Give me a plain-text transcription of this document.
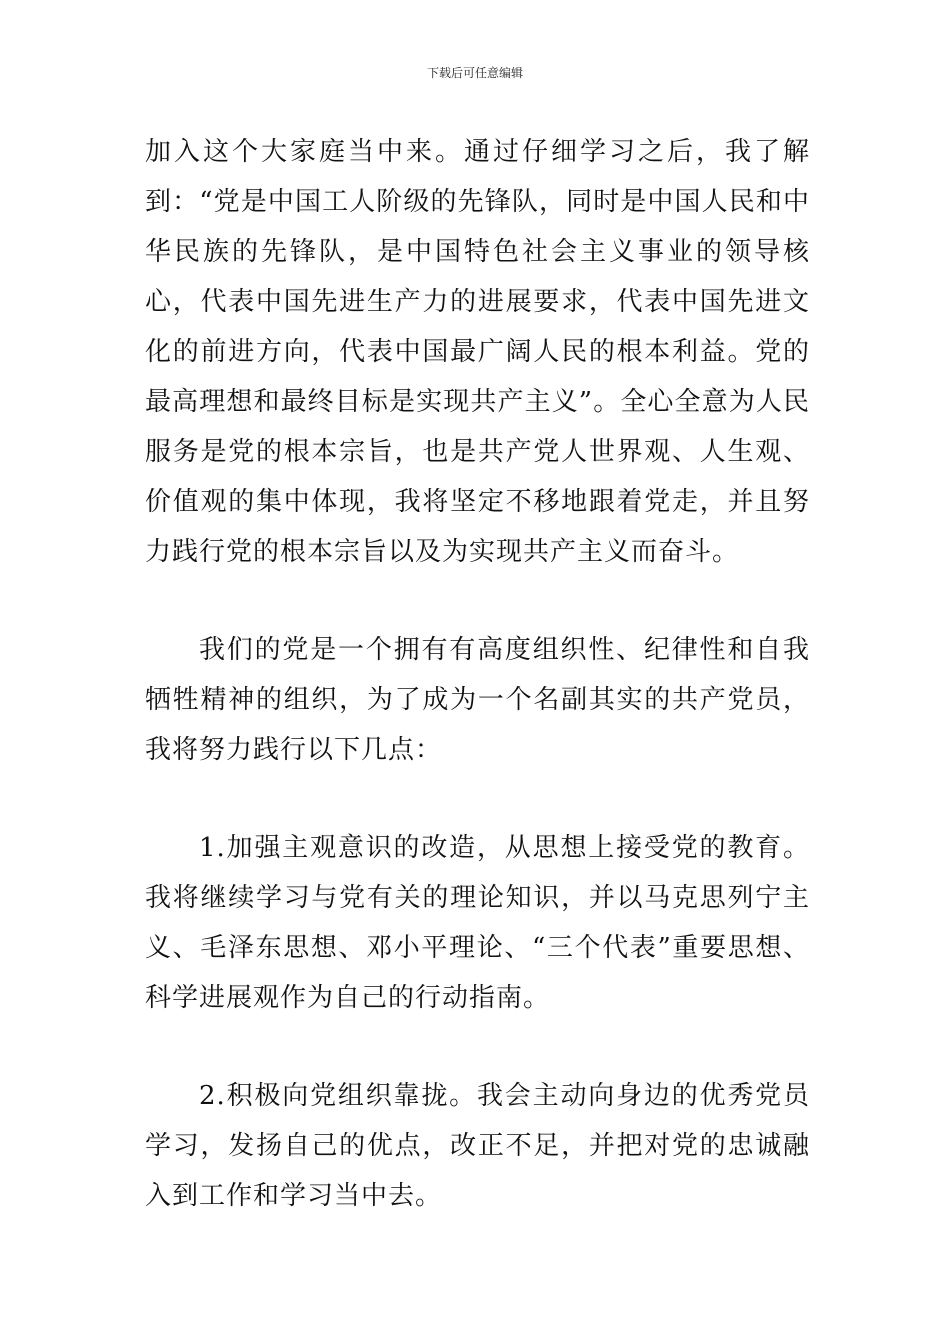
下载后可任意编辑

加入这个大家庭当中来。通过仔细学习之后，我了解到：“党是中国工人阶级的先锋队，同时是中国人民和中华民族的先锋队，是中国特色社会主义事业的领导核心，代表中国先进生产力的进展要求，代表中国先进文化的前进方向，代表中国最广阔人民的根本利益。党的最高理想和最终目标是实现共产主义”。全心全意为人民服务是党的根本宗旨，也是共产党人世界观、人生观、价值观的集中体现，我将坚定不移地跟着党走，并且努力践行党的根本宗旨以及为实现共产主义而奋斗。

我们的党是一个拥有有高度组织性、纪律性和自我牺牲精神的组织，为了成为一个名副其实的共产党员，我将努力践行以下几点：

1.加强主观意识的改造，从思想上接受党的教育。我将继续学习与党有关的理论知识，并以马克思列宁主义、毛泽东思想、邓小平理论、“三个代表”重要思想、科学进展观作为自己的行动指南。

2.积极向党组织靠拢。我会主动向身边的优秀党员学习，发扬自己的优点，改正不足，并把对党的忠诚融入到工作和学习当中去。
